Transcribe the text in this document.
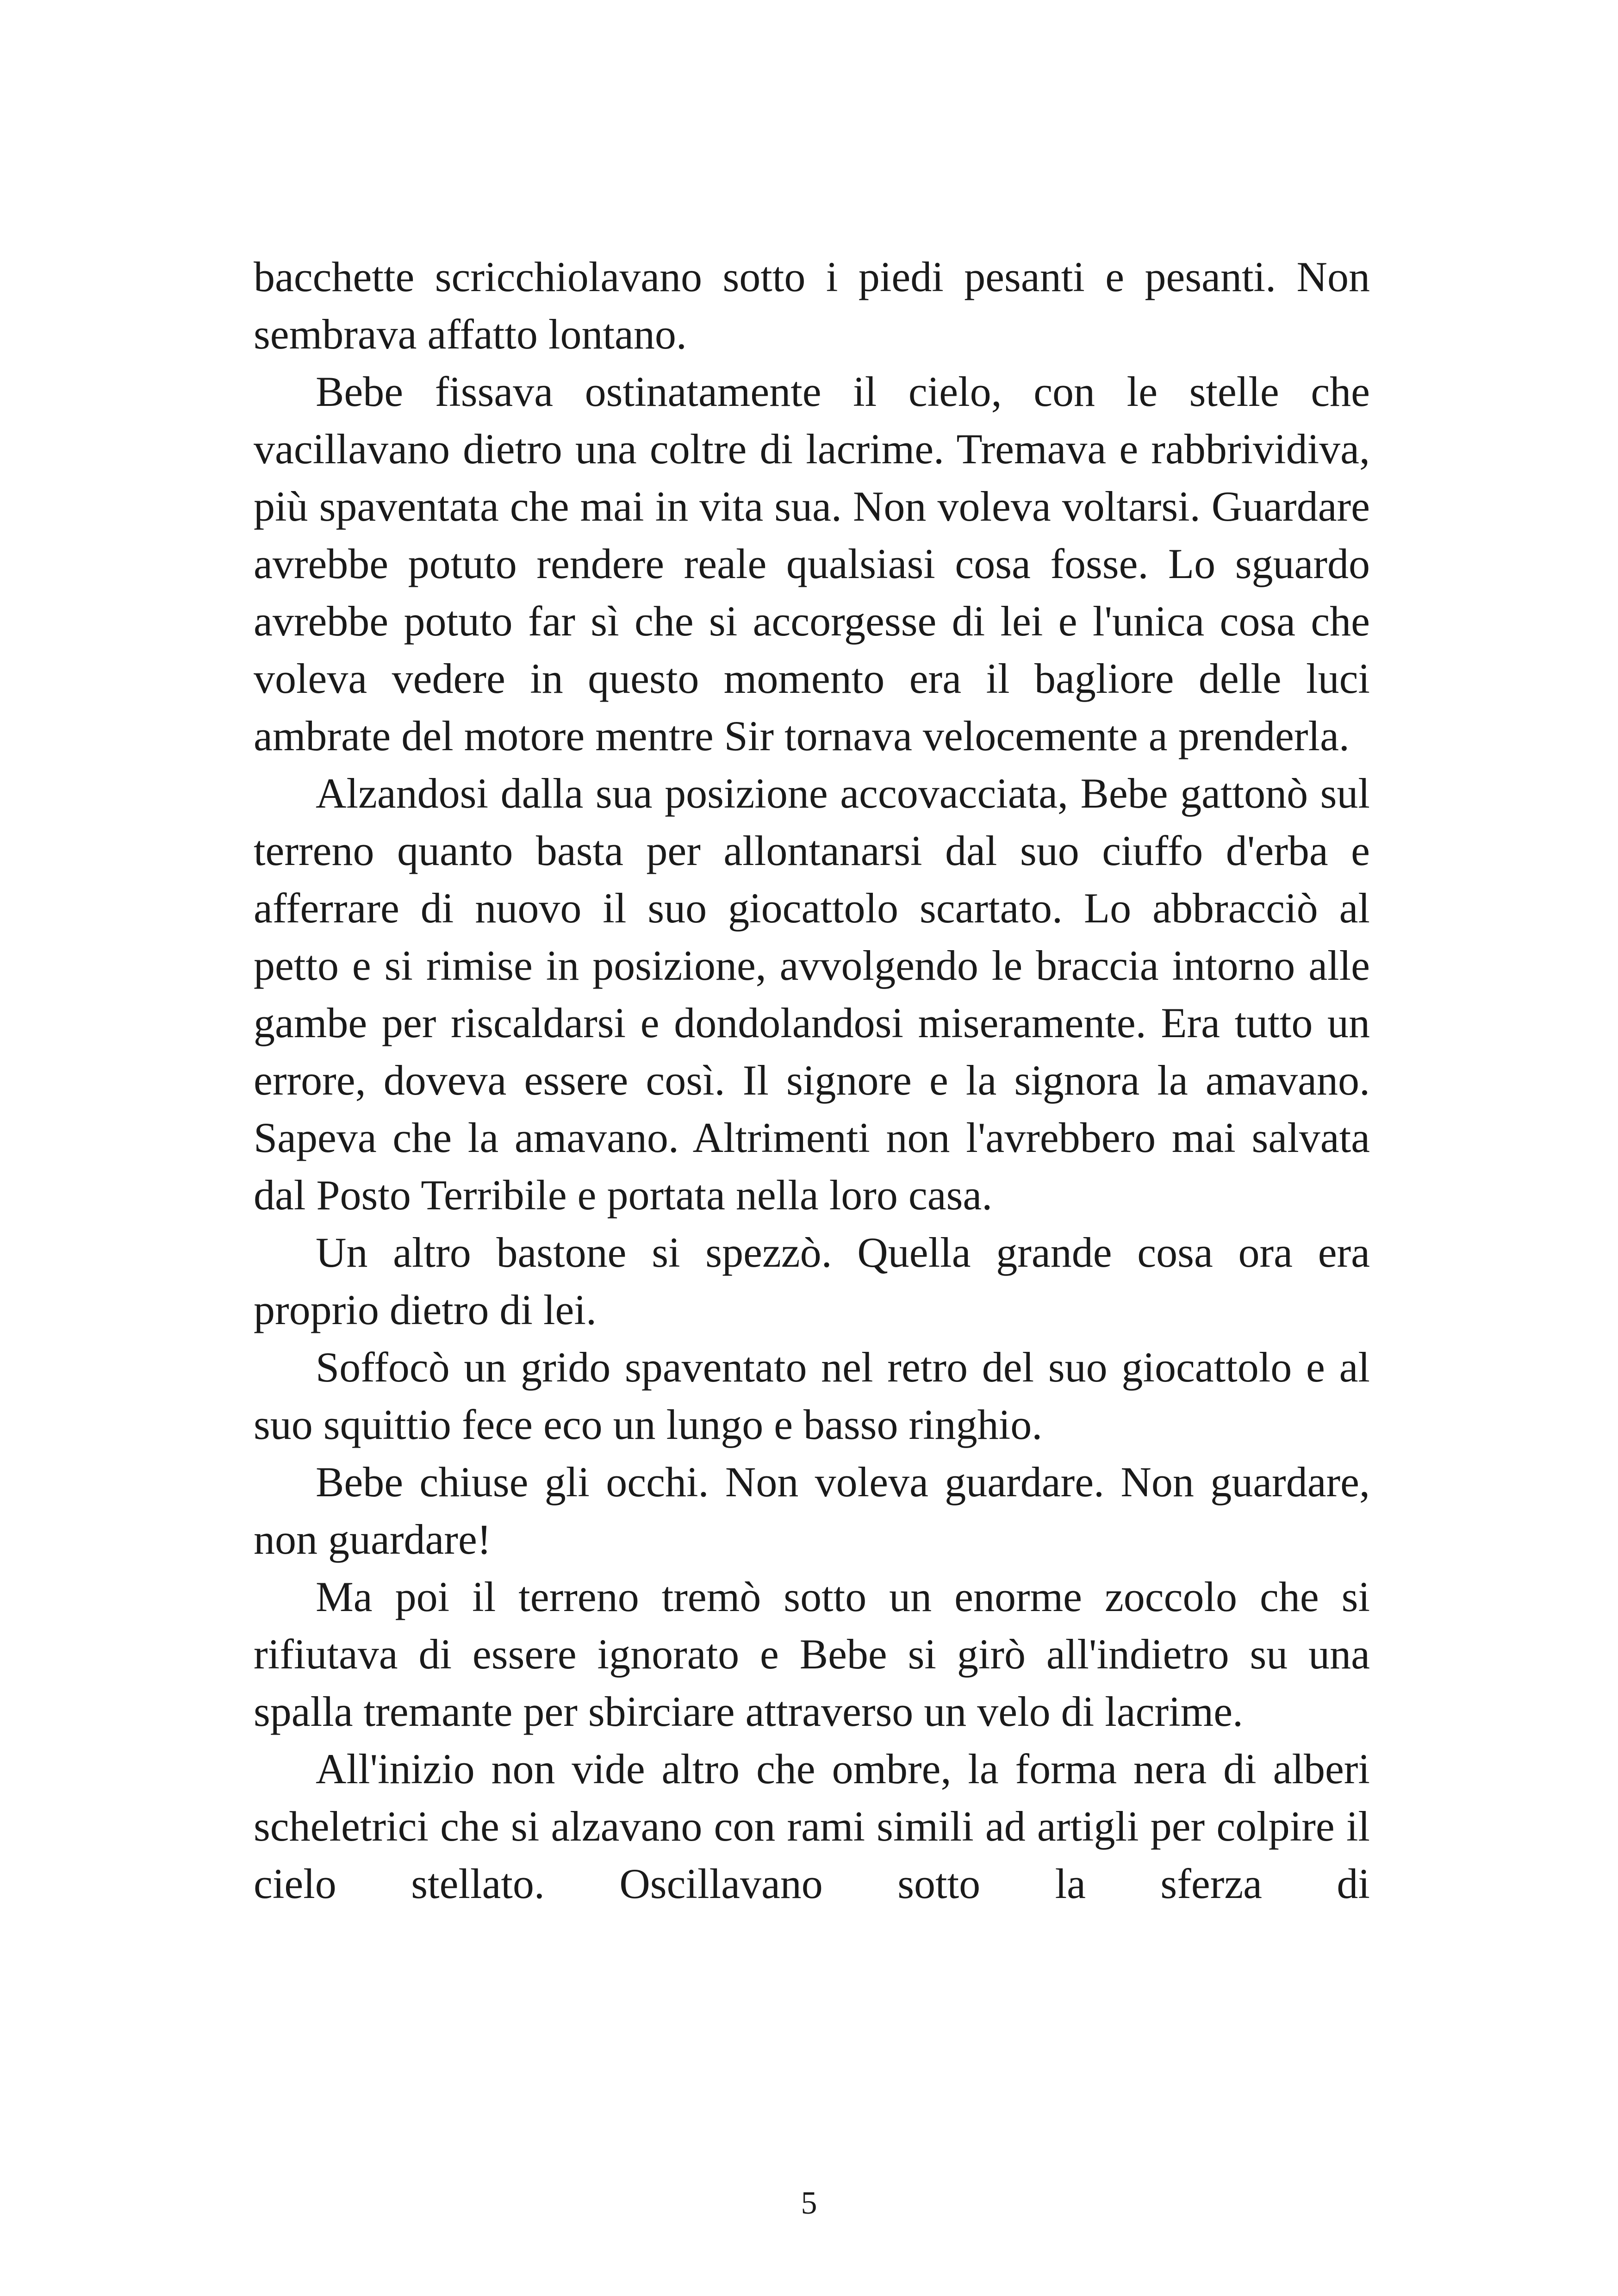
bacchette scricchiolavano sotto i piedi pesanti e pesanti. Non sembrava affatto lontano.

Bebe fissava ostinatamente il cielo, con le stelle che vacillavano dietro una coltre di lacrime. Tremava e rabbrividiva, più spaventata che mai in vita sua. Non voleva voltarsi. Guardare avrebbe potuto rendere reale qualsiasi cosa fosse. Lo sguardo avrebbe potuto far sì che si accorgesse di lei e l'unica cosa che voleva vedere in questo momento era il bagliore delle luci ambrate del motore mentre Sir tornava velocemente a prenderla.

Alzandosi dalla sua posizione accovacciata, Bebe gattonò sul terreno quanto basta per allontanarsi dal suo ciuffo d'erba e afferrare di nuovo il suo giocattolo scartato. Lo abbracciò al petto e si rimise in posizione, avvolgendo le braccia intorno alle gambe per riscaldarsi e dondolandosi miseramente. Era tutto un errore, doveva essere così. Il signore e la signora la amavano. Sapeva che la amavano. Altrimenti non l'avrebbero mai salvata dal Posto Terribile e portata nella loro casa.

Un altro bastone si spezzò. Quella grande cosa ora era proprio dietro di lei.

Soffocò un grido spaventato nel retro del suo giocattolo e al suo squittio fece eco un lungo e basso ringhio.

Bebe chiuse gli occhi. Non voleva guardare. Non guardare, non guardare!

Ma poi il terreno tremò sotto un enorme zoccolo che si rifiutava di essere ignorato e Bebe si girò all'indietro su una spalla tremante per sbirciare attraverso un velo di lacrime.

All'inizio non vide altro che ombre, la forma nera di alberi scheletrici che si alzavano con rami simili ad artigli per colpire il cielo stellato. Oscillavano sotto la sferza di

5
